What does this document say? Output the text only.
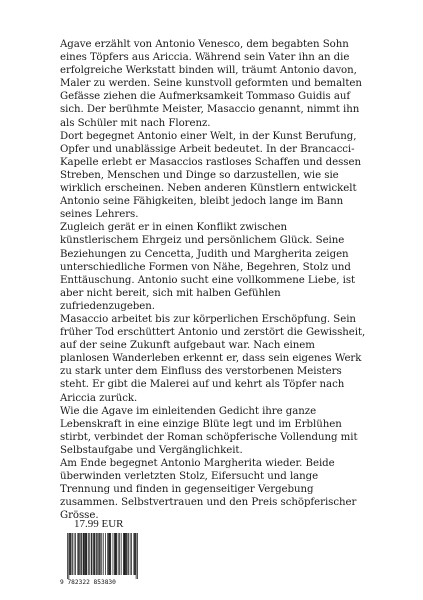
Agave erzählt von Antonio Venesco, dem begabten Sohn eines Töpfers aus Ariccia. Während sein Vater ihn an die erfolgreiche Werkstatt binden will, träumt Antonio davon, Maler zu werden. Seine kunstvoll geformten und bemalten Gefässe ziehen die Aufmerksamkeit Tommaso Guidis auf sich. Der berühmte Meister, Masaccio genannt, nimmt ihn als Schüler mit nach Florenz.

Dort begegnet Antonio einer Welt, in der Kunst Berufung, Opfer und unablässige Arbeit bedeutet. In der Brancacci-Kapelle erlebt er Masaccios rastloses Schaffen und dessen Streben, Menschen und Dinge so darzustellen, wie sie wirklich erscheinen. Neben anderen Künstlern entwickelt Antonio seine Fähigkeiten, bleibt jedoch lange im Bann seines Lehrers.

Zugleich gerät er in einen Konflikt zwischen künstlerischem Ehrgeiz und persönlichem Glück. Seine Beziehungen zu Cencetta, Judith und Margherita zeigen unterschiedliche Formen von Nähe, Begehren, Stolz und Enttäuschung. Antonio sucht eine vollkommene Liebe, ist aber nicht bereit, sich mit halben Gefühlen zufriedenzugeben.

Masaccio arbeitet bis zur körperlichen Erschöpfung. Sein früher Tod erschüttert Antonio und zerstört die Gewissheit, auf der seine Zukunft aufgebaut war. Nach einem planlosen Wanderleben erkennt er, dass sein eigenes Werk zu stark unter dem Einfluss des verstorbenen Meisters steht. Er gibt die Malerei auf und kehrt als Töpfer nach Ariccia zurück.

Wie die Agave im einleitenden Gedicht ihre ganze Lebenskraft in eine einzige Blüte legt und im Erblühen stirbt, verbindet der Roman schöpferische Vollendung mit Selbstaufgabe und Vergänglichkeit.

Am Ende begegnet Antonio Margherita wieder. Beide überwinden verletzten Stolz, Eifersucht und lange Trennung und finden in gegenseitiger Vergebung zusammen. Selbstvertrauen und den Preis schöpferischer Grösse.

17.99 EUR
9 782322 853830
